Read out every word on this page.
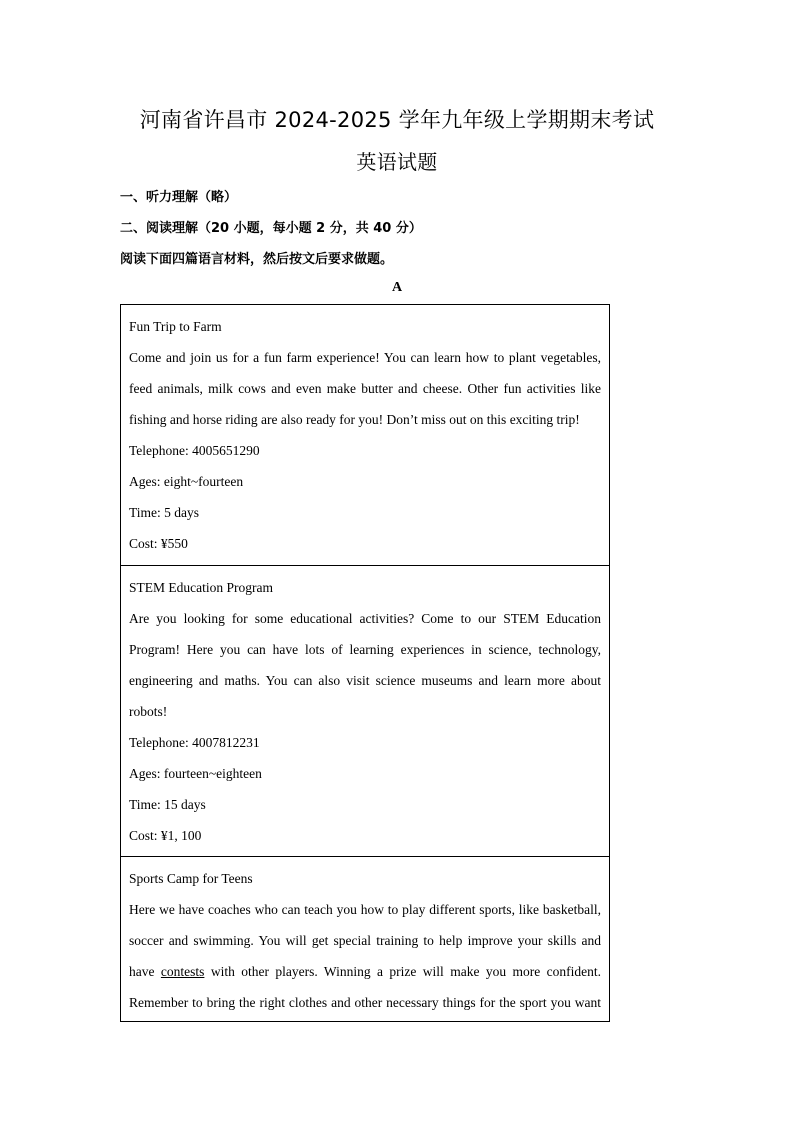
河南省许昌市 2024-2025 学年九年级上学期期末考试
英语试题
一、听力理解（略）
二、阅读理解（20 小题，每小题 2 分，共 40 分）
阅读下面四篇语言材料，然后按文后要求做题。
A
Fun Trip to Farm
Come and join us for a fun farm experience! You can learn how to plant vegetables,
feed animals, milk cows and even make butter and cheese. Other fun activities like
fishing and horse riding are also ready for you! Don’t miss out on this exciting trip!
Telephone: 4005651290
Ages: eight~fourteen
Time: 5 days
Cost: ¥550
STEM Education Program
Are you looking for some educational activities? Come to our STEM Education
Program! Here you can have lots of learning experiences in science, technology,
engineering and maths. You can also visit science museums and learn more about
robots!
Telephone: 4007812231
Ages: fourteen~eighteen
Time: 15 days
Cost: ¥1, 100
Sports Camp for Teens
Here we have coaches who can teach you how to play different sports, like basketball,
soccer and swimming. You will get special training to help improve your skills and
have contests with other players. Winning a prize will make you more confident.
Remember to bring the right clothes and other necessary things for the sport you want
